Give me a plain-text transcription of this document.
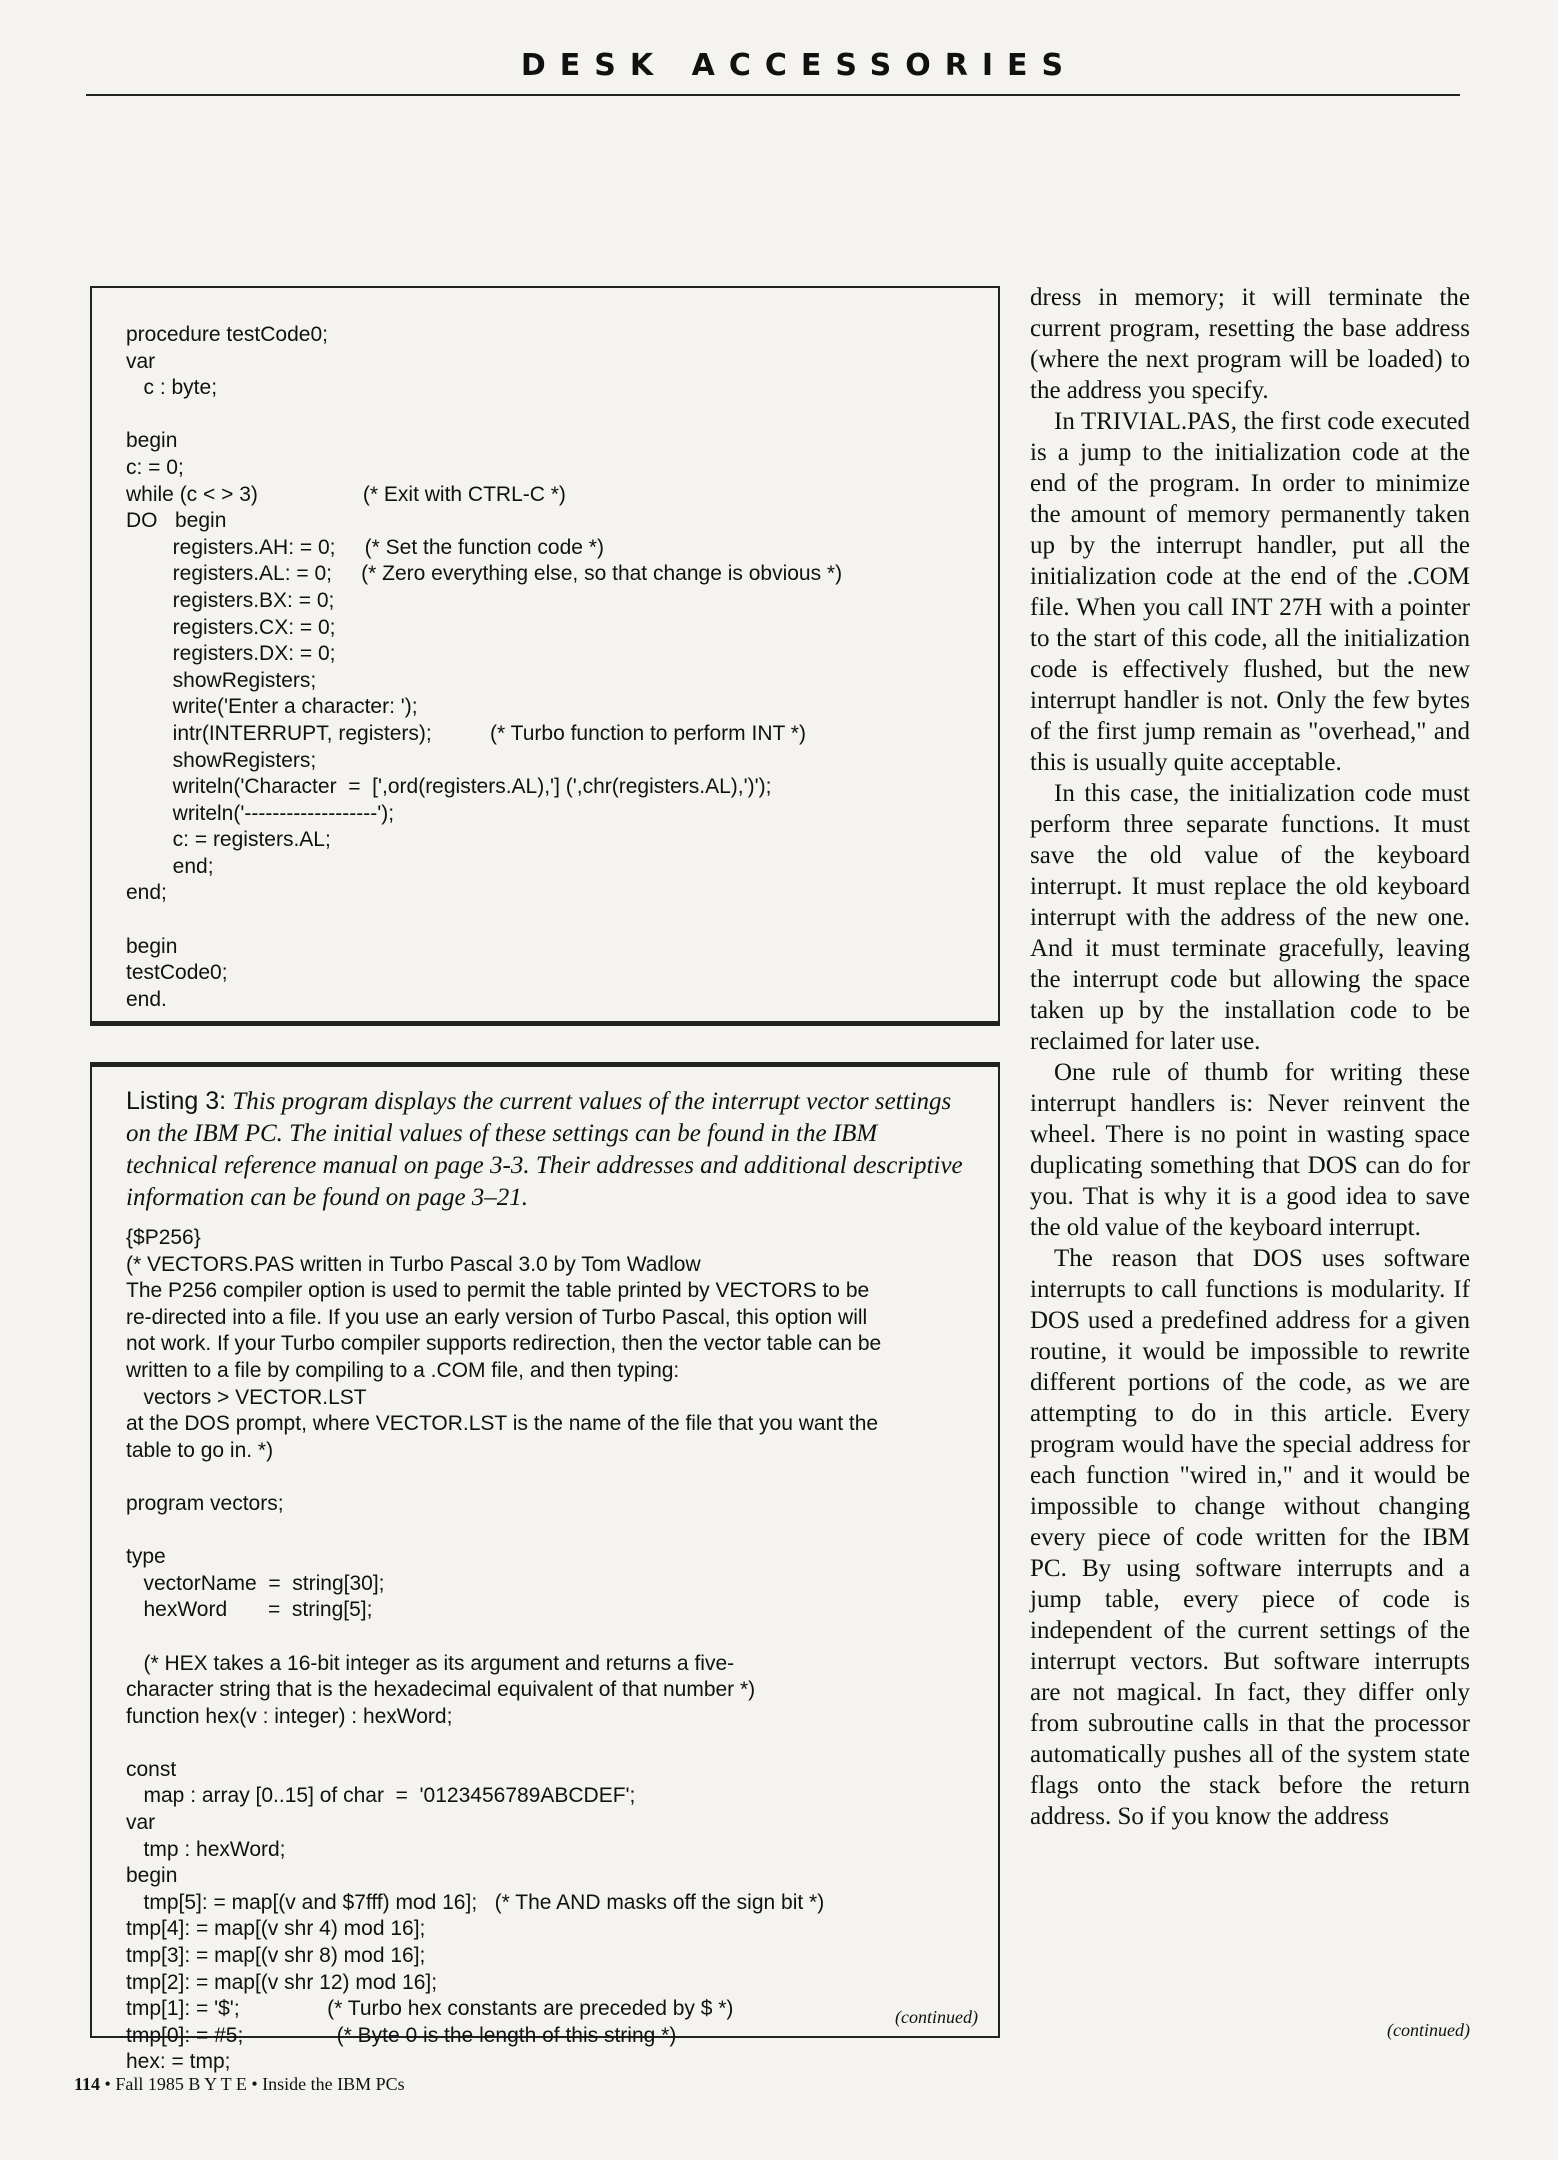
DESK ACCESSORIES
procedure testCode0;
var
c : byte;

begin
c: = 0;
while (c < > 3)                  (* Exit with CTRL-C *)
DO   begin
registers.AH: = 0;     (* Set the function code *)
registers.AL: = 0;     (* Zero everything else, so that change is obvious *)
registers.BX: = 0;
registers.CX: = 0;
registers.DX: = 0;
showRegisters;
write('Enter a character: ');
intr(INTERRUPT, registers);          (* Turbo function to perform INT *)
showRegisters;
writeln('Character  =  [',ord(registers.AL),'] (',chr(registers.AL),')');
writeln('-------------------');
c: = registers.AL;
end;
end;

begin
testCode0;
end.
Listing 3: This program displays the current values of the interrupt vector settings on the IBM PC. The initial values of these settings can be found in the IBM technical reference manual on page 3-3. Their addresses and additional descriptive information can be found on page 3–21.
{$P256}
(* VECTORS.PAS written in Turbo Pascal 3.0 by Tom Wadlow
The P256 compiler option is used to permit the table printed by VECTORS to be
re-directed into a file. If you use an early version of Turbo Pascal, this option will
not work. If your Turbo compiler supports redirection, then the vector table can be
written to a file by compiling to a .COM file, and then typing:
vectors > VECTOR.LST
at the DOS prompt, where VECTOR.LST is the name of the file that you want the
table to go in. *)

program vectors;

type
vectorName  =  string[30];
hexWord       =  string[5];

(* HEX takes a 16-bit integer as its argument and returns a five-
character string that is the hexadecimal equivalent of that number *)
function hex(v : integer) : hexWord;

const
map : array [0..15] of char  =  '0123456789ABCDEF';
var
tmp : hexWord;
begin
tmp[5]: = map[(v and $7fff) mod 16];   (* The AND masks off the sign bit *)
tmp[4]: = map[(v shr 4) mod 16];
tmp[3]: = map[(v shr 8) mod 16];
tmp[2]: = map[(v shr 12) mod 16];
tmp[1]: = '$';               (* Turbo hex constants are preceded by $ *)
tmp[0]: = #5;                (* Byte 0 is the length of this string *)
hex: = tmp;
(continued)

dress in memory; it will terminate the current program, resetting the base address (where the next program will be loaded) to the address you specify.

In TRIVIAL.PAS, the first code executed is a jump to the initialization code at the end of the program. In order to minimize the amount of memory permanently taken up by the interrupt handler, put all the initialization code at the end of the .COM file. When you call INT 27H with a pointer to the start of this code, all the initialization code is effectively flushed, but the new interrupt handler is not. Only the few bytes of the first jump remain as "overhead," and this is usually quite acceptable.

In this case, the initialization code must perform three separate functions. It must save the old value of the keyboard interrupt. It must replace the old keyboard interrupt with the address of the new one. And it must terminate gracefully, leaving the interrupt code but allowing the space taken up by the installation code to be reclaimed for later use.

One rule of thumb for writing these interrupt handlers is: Never reinvent the wheel. There is no point in wasting space duplicating something that DOS can do for you. That is why it is a good idea to save the old value of the keyboard interrupt.

The reason that DOS uses software interrupts to call functions is modularity. If DOS used a predefined address for a given routine, it would be impossible to rewrite different portions of the code, as we are attempting to do in this article. Every program would have the special address for each function "wired in," and it would be impossible to change without changing every piece of code written for the IBM PC. By using software interrupts and a jump table, every piece of code is independent of the current settings of the interrupt vectors. But software interrupts are not magical. In fact, they differ only from subroutine calls in that the processor automatically pushes all of the system state flags onto the stack before the return address. So if you know the address

(continued)
114 • Fall 1985 B Y T E • Inside the IBM PCs
